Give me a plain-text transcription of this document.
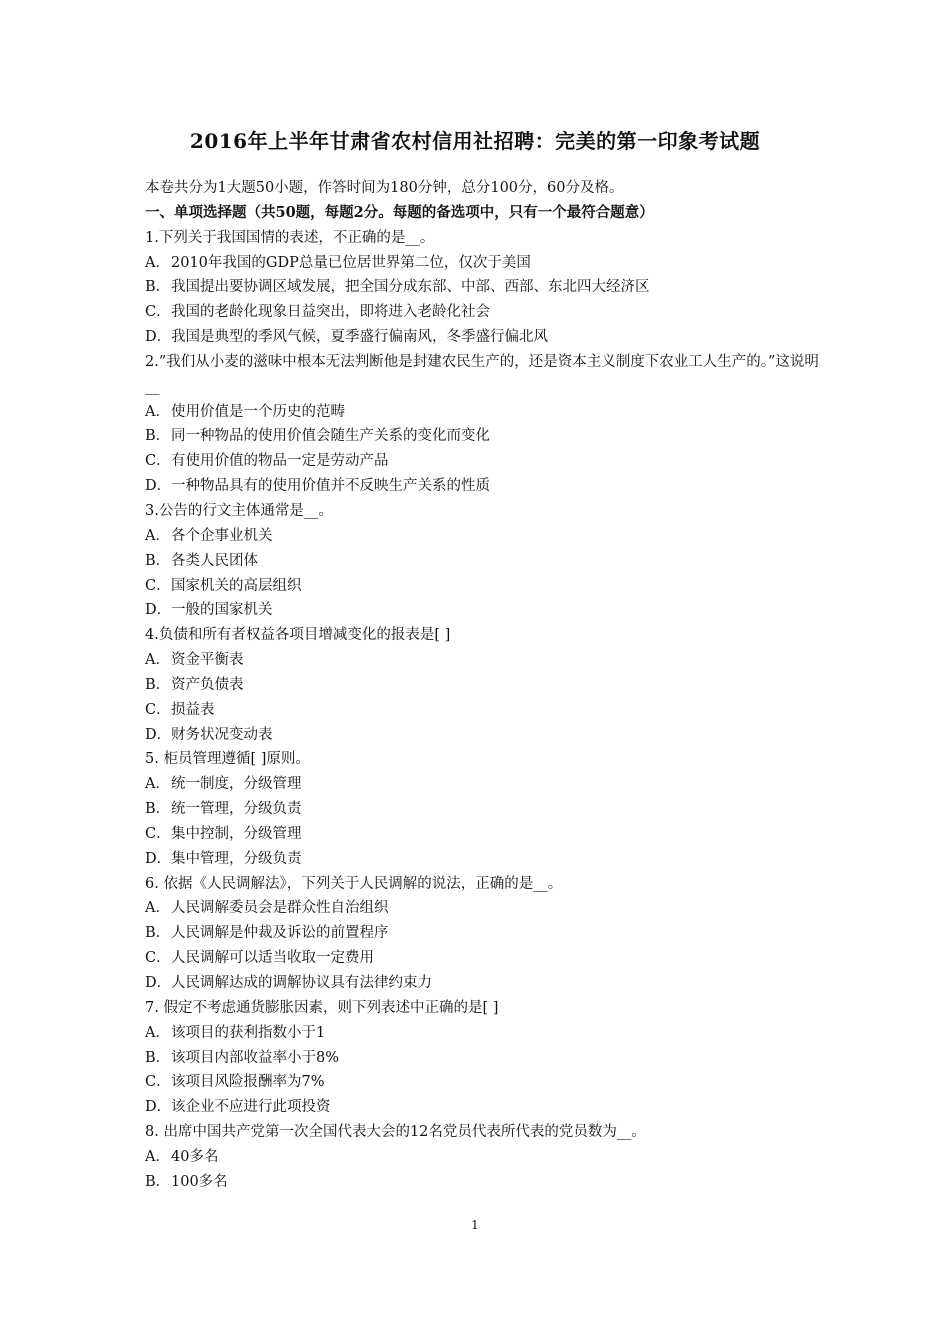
2016年上半年甘肃省农村信用社招聘：完美的第一印象考试题
本卷共分为1大题50小题，作答时间为180分钟，总分100分，60分及格。
一、单项选择题（共50题，每题2分。每题的备选项中，只有一个最符合题意）
1.下列关于我国国情的表述，不正确的是__。
A．2010年我国的GDP总量已位居世界第二位，仅次于美国
B．我国提出要协调区域发展，把全国分成东部、中部、西部、东北四大经济区
C．我国的老龄化现象日益突出，即将进入老龄化社会
D．我国是典型的季风气候，夏季盛行偏南风，冬季盛行偏北风
2.”我们从小麦的滋味中根本无法判断他是封建农民生产的，还是资本主义制度下农业工人生产的。”这说明__
A．使用价值是一个历史的范畴
B．同一种物品的使用价值会随生产关系的变化而变化
C．有使用价值的物品一定是劳动产品
D．一种物品具有的使用价值并不反映生产关系的性质
3.公告的行文主体通常是__。
A．各个企事业机关
B．各类人民团体
C．国家机关的高层组织
D．一般的国家机关
4.负债和所有者权益各项目增减变化的报表是[ ]
A．资金平衡表
B．资产负债表
C．损益表
D．财务状况变动表
5. 柜员管理遵循[ ]原则。
A．统一制度，分级管理
B．统一管理，分级负责
C．集中控制，分级管理
D．集中管理，分级负责
6. 依据《人民调解法》，下列关于人民调解的说法，正确的是__。
A．人民调解委员会是群众性自治组织
B．人民调解是仲裁及诉讼的前置程序
C．人民调解可以适当收取一定费用
D．人民调解达成的调解协议具有法律约束力
7. 假定不考虑通货膨胀因素，则下列表述中正确的是[ ]
A．该项目的获利指数小于1
B．该项目内部收益率小于8%
C．该项目风险报酬率为7%
D．该企业不应进行此项投资
8. 出席中国共产党第一次全国代表大会的12名党员代表所代表的党员数为__。
A．40多名
B．100多名
1
